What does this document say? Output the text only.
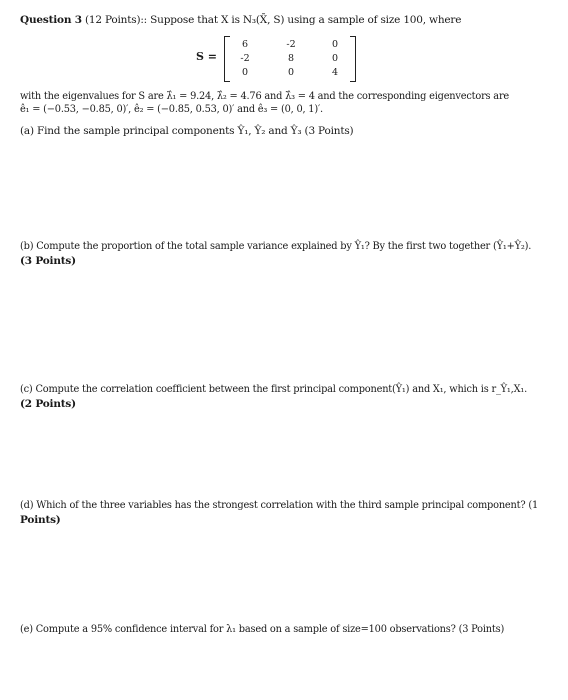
Question 3 (12 Points):: Suppose that X is N₃(X̄, S) using a sample of size 100, where
S =
6	-2	0
-2	8	0
0	0	4
with the eigenvalues for S are λ̂₁ = 9.24, λ̂₂ = 4.76 and λ̂₃ = 4 and the corresponding eigenvectors are
ê₁ = (−0.53, −0.85, 0)′, ê₂ = (−0.85, 0.53, 0)′ and ê₃ = (0, 0, 1)′.
(a) Find the sample principal components Ŷ₁, Ŷ₂ and Ŷ₃ (3 Points)
(b) Compute the proportion of the total sample variance explained by Ŷ₁? By the first two together (Ŷ₁+Ŷ₂).
(3 Points)
(c) Compute the correlation coefficient between the first principal component(Ŷ₁) and X₁, which is r_Ŷ₁,X₁.
(2 Points)
(d) Which of the three variables has the strongest correlation with the third sample principal component? (1
Points)
(e) Compute a 95% confidence interval for λ₁ based on a sample of size=100 observations? (3 Points)
